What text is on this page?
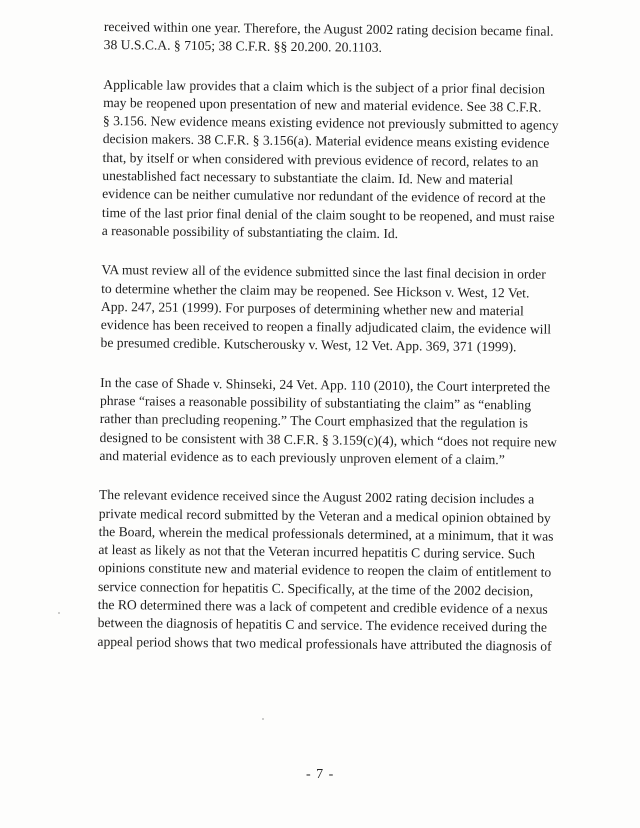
received within one year. Therefore, the August 2002 rating decision became final.
38 U.S.C.A. § 7105; 38 C.F.R. §§ 20.200. 20.1103.

Applicable law provides that a claim which is the subject of a prior final decision
may be reopened upon presentation of new and material evidence. See 38 C.F.R.
§ 3.156. New evidence means existing evidence not previously submitted to agency
decision makers. 38 C.F.R. § 3.156(a). Material evidence means existing evidence
that, by itself or when considered with previous evidence of record, relates to an
unestablished fact necessary to substantiate the claim. Id. New and material
evidence can be neither cumulative nor redundant of the evidence of record at the
time of the last prior final denial of the claim sought to be reopened, and must raise
a reasonable possibility of substantiating the claim. Id.

VA must review all of the evidence submitted since the last final decision in order
to determine whether the claim may be reopened. See Hickson v. West, 12 Vet.
App. 247, 251 (1999). For purposes of determining whether new and material
evidence has been received to reopen a finally adjudicated claim, the evidence will
be presumed credible. Kutscherousky v. West, 12 Vet. App. 369, 371 (1999).

In the case of Shade v. Shinseki, 24 Vet. App. 110 (2010), the Court interpreted the
phrase “raises a reasonable possibility of substantiating the claim” as “enabling
rather than precluding reopening.” The Court emphasized that the regulation is
designed to be consistent with 38 C.F.R. § 3.159(c)(4), which “does not require new
and material evidence as to each previously unproven element of a claim.”

The relevant evidence received since the August 2002 rating decision includes a
private medical record submitted by the Veteran and a medical opinion obtained by
the Board, wherein the medical professionals determined, at a minimum, that it was
at least as likely as not that the Veteran incurred hepatitis C during service. Such
opinions constitute new and material evidence to reopen the claim of entitlement to
service connection for hepatitis C. Specifically, at the time of the 2002 decision,
the RO determined there was a lack of competent and credible evidence of a nexus
between the diagnosis of hepatitis C and service. The evidence received during the
appeal period shows that two medical professionals have attributed the diagnosis of

- 7 -
